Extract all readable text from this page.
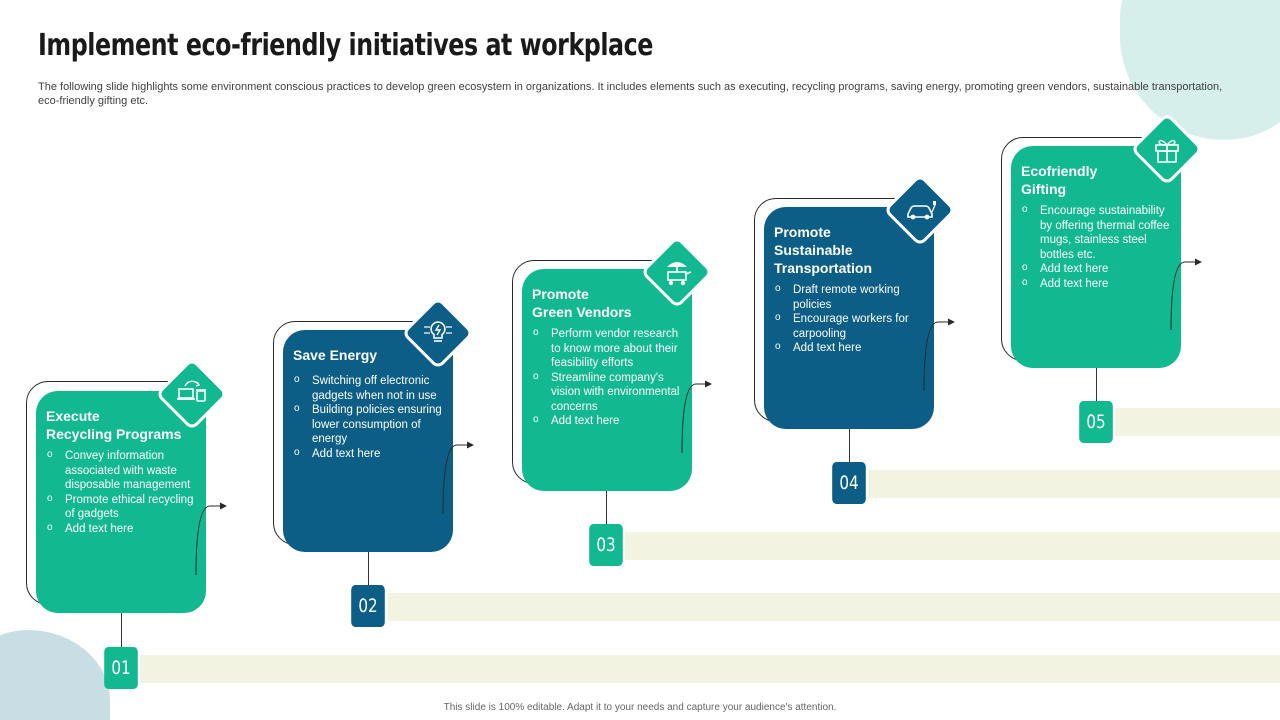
Implement eco-friendly initiatives at workplace

The following slide highlights some environment conscious practices to develop green ecosystem in organizations. It includes elements such as executing, recycling programs, saving energy, promoting green vendors, sustainable transportation, eco-friendly gifting etc.

Execute
Recycling Programs
o Convey information associated with waste disposable management
o Promote ethical recycling of gadgets
o Add text here
Save Energy
o Switching off electronic gadgets when not in use
o Building policies ensuring lower consumption of energy
o Add text here
Promote
Green Vendors
o Perform vendor research to know more about their feasibility efforts
o Streamline company's vision with environmental concerns
o Add text here
Promote
Sustainable
Transportation
o Draft remote working policies
o Encourage workers for carpooling
o Add text here
Ecofriendly
Gifting
o Encourage sustainability by offering thermal coffee mugs, stainless steel bottles etc.
o Add text here
o Add text here
01
02
03
04
05

This slide is 100% editable. Adapt it to your needs and capture your audience's attention.
